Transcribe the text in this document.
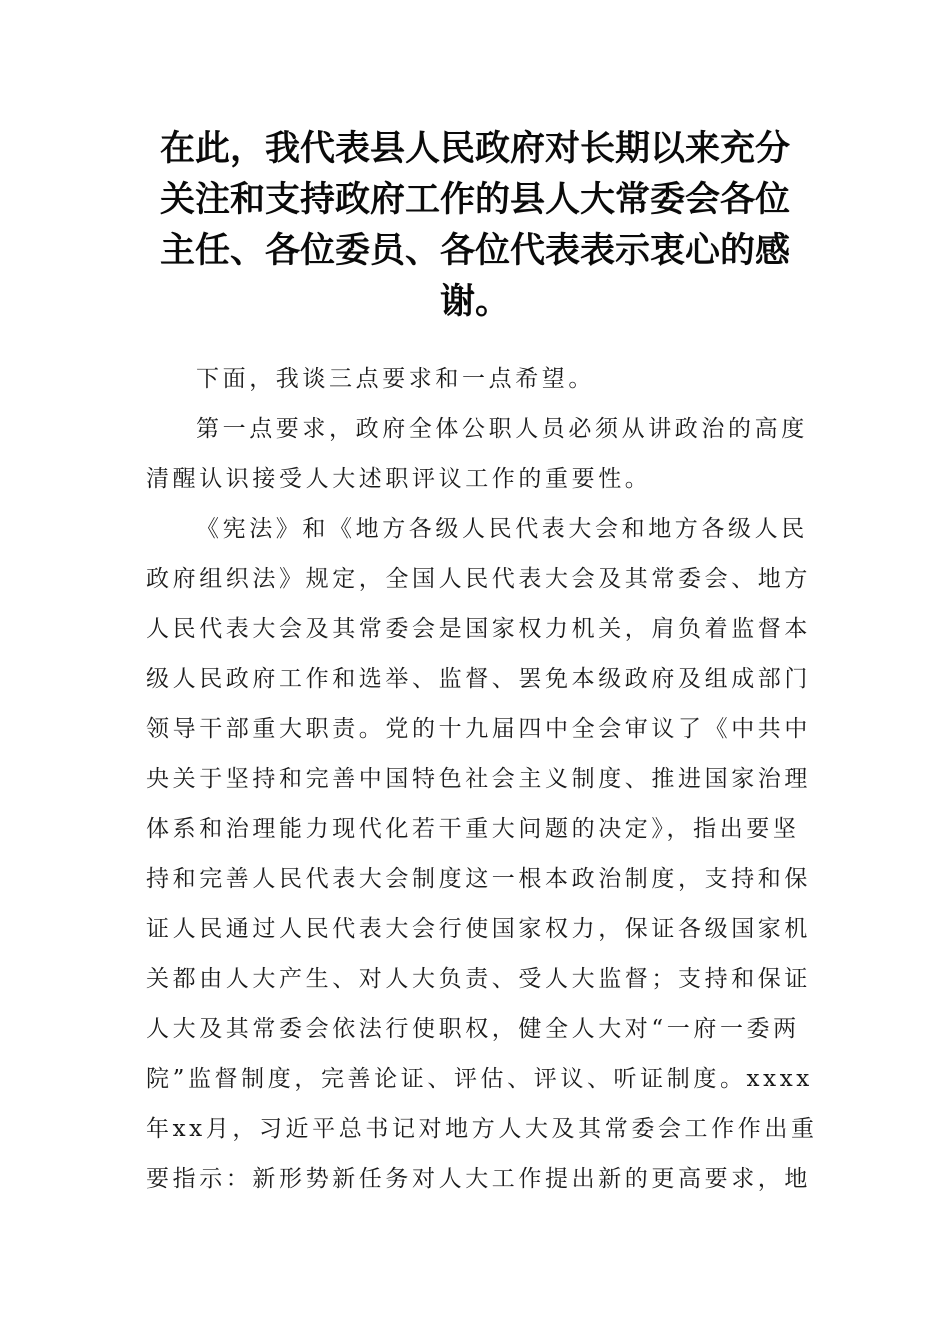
在此，我代表县人民政府对长期以来充分
关注和支持政府工作的县人大常委会各位
主任、各位委员、各位代表表示衷心的感
谢。
下面，我谈三点要求和一点希望。
第一点要求，政府全体公职人员必须从讲政治的高度
清醒认识接受人大述职评议工作的重要性。
《宪法》和《地方各级人民代表大会和地方各级人民
政府组织法》规定，全国人民代表大会及其常委会、地方
人民代表大会及其常委会是国家权力机关，肩负着监督本
级人民政府工作和选举、监督、罢免本级政府及组成部门
领导干部重大职责。党的十九届四中全会审议了《中共中
央关于坚持和完善中国特色社会主义制度、推进国家治理
体系和治理能力现代化若干重大问题的决定》，指出要坚
持和完善人民代表大会制度这一根本政治制度，支持和保
证人民通过人民代表大会行使国家权力，保证各级国家机
关都由人大产生、对人大负责、受人大监督；支持和保证
人大及其常委会依法行使职权，健全人大对“一府一委两
院”监督制度，完善论证、评估、评议、听证制度。xxxx
年xx月，习近平总书记对地方人大及其常委会工作作出重
要指示：新形势新任务对人大工作提出新的更高要求，地
